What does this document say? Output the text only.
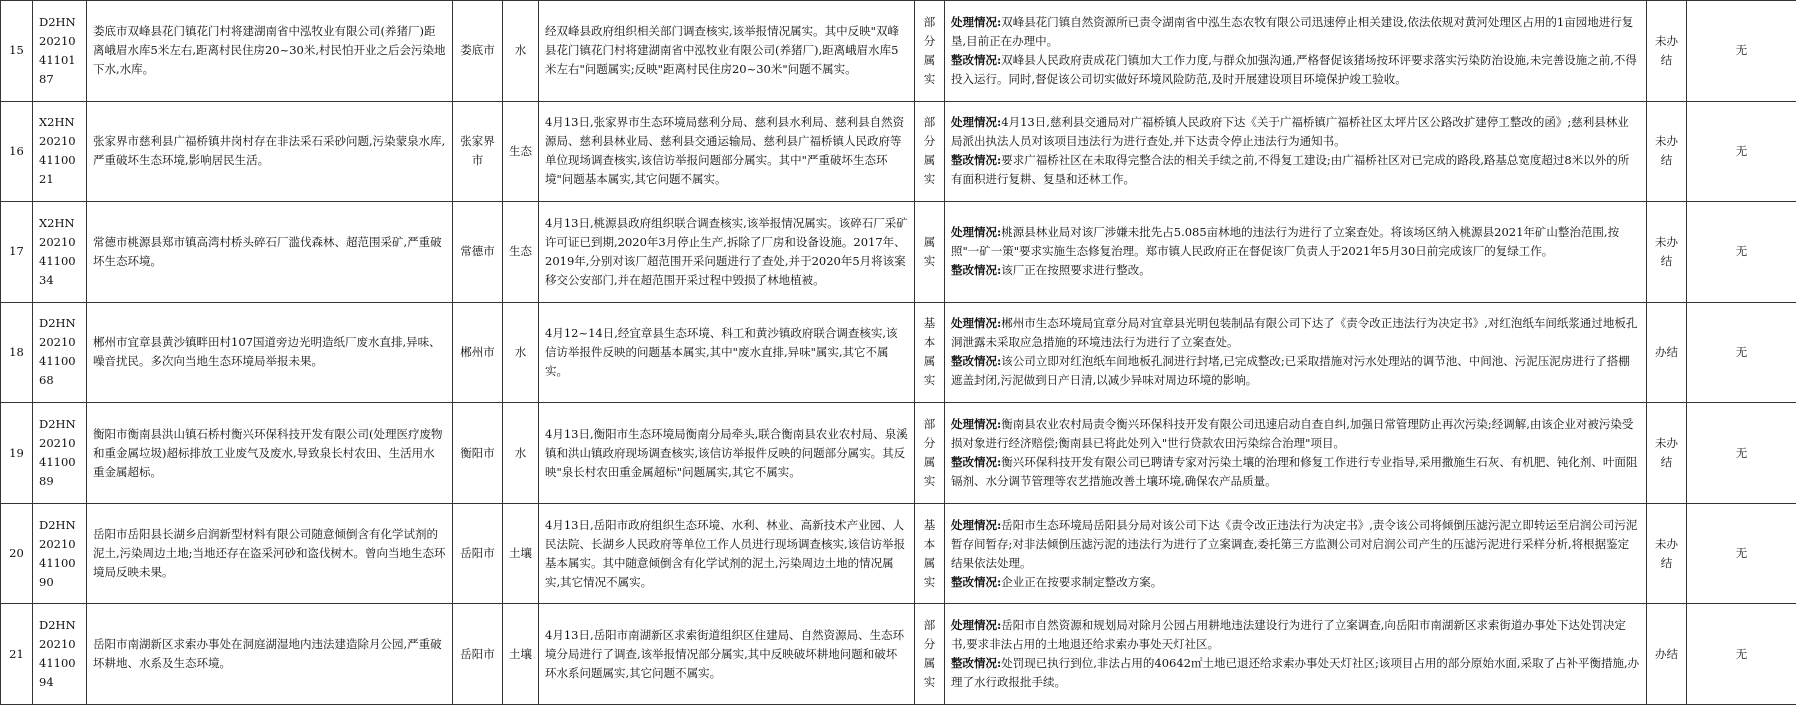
15	D2HN2021041101 87	娄底市双峰县花门镇花门村将建湖南省中泓牧业有限公司(养猪厂)距离峨眉水库5米左右,距离村民住房20~30米,村民怕开业之后会污染地下水,水库。	娄底市	水	经双峰县政府组织相关部门调查核实,该举报情况属实。其中反映"双峰县花门镇花门村将建湖南省中泓牧业有限公司(养猪厂),距离峨眉水库5米左右"问题属实;反映"距离村民住房20~30米"问题不属实。	部分属实	处理情况:双峰县花门镇自然资源所已责令湖南省中泓生态农牧有限公司迅速停止相关建设,依法依规对黄河处理区占用的1亩园地进行复垦,目前正在办理中。
整改情况:双峰县人民政府责成花门镇加大工作力度,与群众加强沟通,严格督促该猪场按环评要求落实污染防治设施,未完善设施之前,不得投入运行。同时,督促该公司切实做好环境风险防范,及时开展建设项目环境保护竣工验收。	未办结	无
16	X2HN2021041100 21	张家界市慈利县广福桥镇井岗村存在非法采石采砂问题,污染蒙泉水库,严重破坏生态环境,影响居民生活。	张家界市	生态	4月13日,张家界市生态环境局慈利分局、慈利县水利局、慈利县自然资源局、慈利县林业局、慈利县交通运输局、慈利县广福桥镇人民政府等单位现场调查核实,该信访举报问题部分属实。其中"严重破坏生态环境"问题基本属实,其它问题不属实。	部分属实	处理情况:4月13日,慈利县交通局对广福桥镇人民政府下达《关于广福桥镇广福桥社区太坪片区公路改扩建停工整改的函》;慈利县林业局派出执法人员对该项目违法行为进行查处,并下达责令停止违法行为通知书。
整改情况:要求广福桥社区在未取得完整合法的相关手续之前,不得复工建设;由广福桥社区对已完成的路段,路基总宽度超过8米以外的所有面积进行复耕、复垦和还林工作。	未办结	无
17	X2HN2021041100 34	常德市桃源县郑市镇高湾村桥头碎石厂滥伐森林、超范围采矿,严重破坏生态环境。	常德市	生态	4月13日,桃源县政府组织联合调查核实,该举报情况属实。该碎石厂采矿许可证已到期,2020年3月停止生产,拆除了厂房和设备设施。2017年、2019年,分别对该厂超范围开采问题进行了查处,并于2020年5月将该案移交公安部门,并在超范围开采过程中毁损了林地植被。	属实	处理情况:桃源县林业局对该厂涉嫌未批先占5.085亩林地的违法行为进行了立案查处。将该场区纳入桃源县2021年矿山整治范围,按照"一矿一策"要求实施生态修复治理。郑市镇人民政府正在督促该厂负责人于2021年5月30日前完成该厂的复绿工作。
整改情况:该厂正在按照要求进行整改。	未办结	无
18	D2HN2021041100 68	郴州市宜章县黄沙镇畔田村107国道旁边光明造纸厂废水直排,异味、噪音扰民。多次向当地生态环境局举报未果。	郴州市	水	4月12~14日,经宜章县生态环境、科工和黄沙镇政府联合调查核实,该信访举报件反映的问题基本属实,其中"废水直排,异味"属实,其它不属实。	基本属实	处理情况:郴州市生态环境局宜章分局对宜章县光明包装制品有限公司下达了《责令改正违法行为决定书》,对红泡纸车间纸浆通过地板孔洞泄露未采取应急措施的环境违法行为进行了立案查处。
整改情况:该公司立即对红泡纸车间地板孔洞进行封堵,已完成整改;已采取措施对污水处理站的调节池、中间池、污泥压泥房进行了搭棚遮盖封闭,污泥做到日产日清,以减少异味对周边环境的影响。	办结	无
19	D2HN2021041100 89	衡阳市衡南县洪山镇石桥村衡兴环保科技开发有限公司(处理医疗废物和重金属垃圾)超标排放工业废气及废水,导致泉长村农田、生活用水重金属超标。	衡阳市	水	4月13日,衡阳市生态环境局衡南分局牵头,联合衡南县农业农村局、泉溪镇和洪山镇政府现场调查核实,该信访举报件反映的问题部分属实。其反映"泉长村农田重金属超标"问题属实,其它不属实。	部分属实	处理情况:衡南县农业农村局责令衡兴环保科技开发有限公司迅速启动自查自纠,加强日常管理防止再次污染;经调解,由该企业对被污染受损对象进行经济赔偿;衡南县已将此处列入"世行贷款农田污染综合治理"项目。
整改情况:衡兴环保科技开发有限公司已聘请专家对污染土壤的治理和修复工作进行专业指导,采用撒施生石灰、有机肥、钝化剂、叶面阻镉剂、水分调节管理等农艺措施改善土壤环境,确保农产品质量。	未办结	无
20	D2HN2021041100 90	岳阳市岳阳县长湖乡启润新型材料有限公司随意倾倒含有化学试剂的泥土,污染周边土地;当地还存在盗采河砂和盗伐树木。曾向当地生态环境局反映未果。	岳阳市	土壤	4月13日,岳阳市政府组织生态环境、水利、林业、高新技术产业园、人民法院、长湖乡人民政府等单位工作人员进行现场调查核实,该信访举报基本属实。其中随意倾倒含有化学试剂的泥土,污染周边土地的情况属实,其它情况不属实。	基本属实	处理情况:岳阳市生态环境局岳阳县分局对该公司下达《责令改正违法行为决定书》,责令该公司将倾倒压滤污泥立即转运至启润公司污泥暂存间暂存;对非法倾倒压滤污泥的违法行为进行了立案调查,委托第三方监测公司对启润公司产生的压滤污泥进行采样分析,将根据鉴定结果依法处理。
整改情况:企业正在按要求制定整改方案。	未办结	无
21	D2HN2021041100 94	岳阳市南湖新区求索办事处在洞庭湖湿地内违法建造除月公园,严重破坏耕地、水系及生态环境。	岳阳市	土壤	4月13日,岳阳市南湖新区求索街道组织区住建局、自然资源局、生态环境分局进行了调查,该举报情况部分属实,其中反映破坏耕地问题和破坏环水系问题属实,其它问题不属实。	部分属实	处理情况:岳阳市自然资源和规划局对除月公园占用耕地违法建设行为进行了立案调查,向岳阳市南湖新区求索街道办事处下达处罚决定书,要求非法占用的土地退还给求索办事处天灯社区。
整改情况:处罚现已执行到位,非法占用的40642㎡土地已退还给求索办事处天灯社区;该项目占用的部分原始水面,采取了占补平衡措施,办理了水行政报批手续。	办结	无
